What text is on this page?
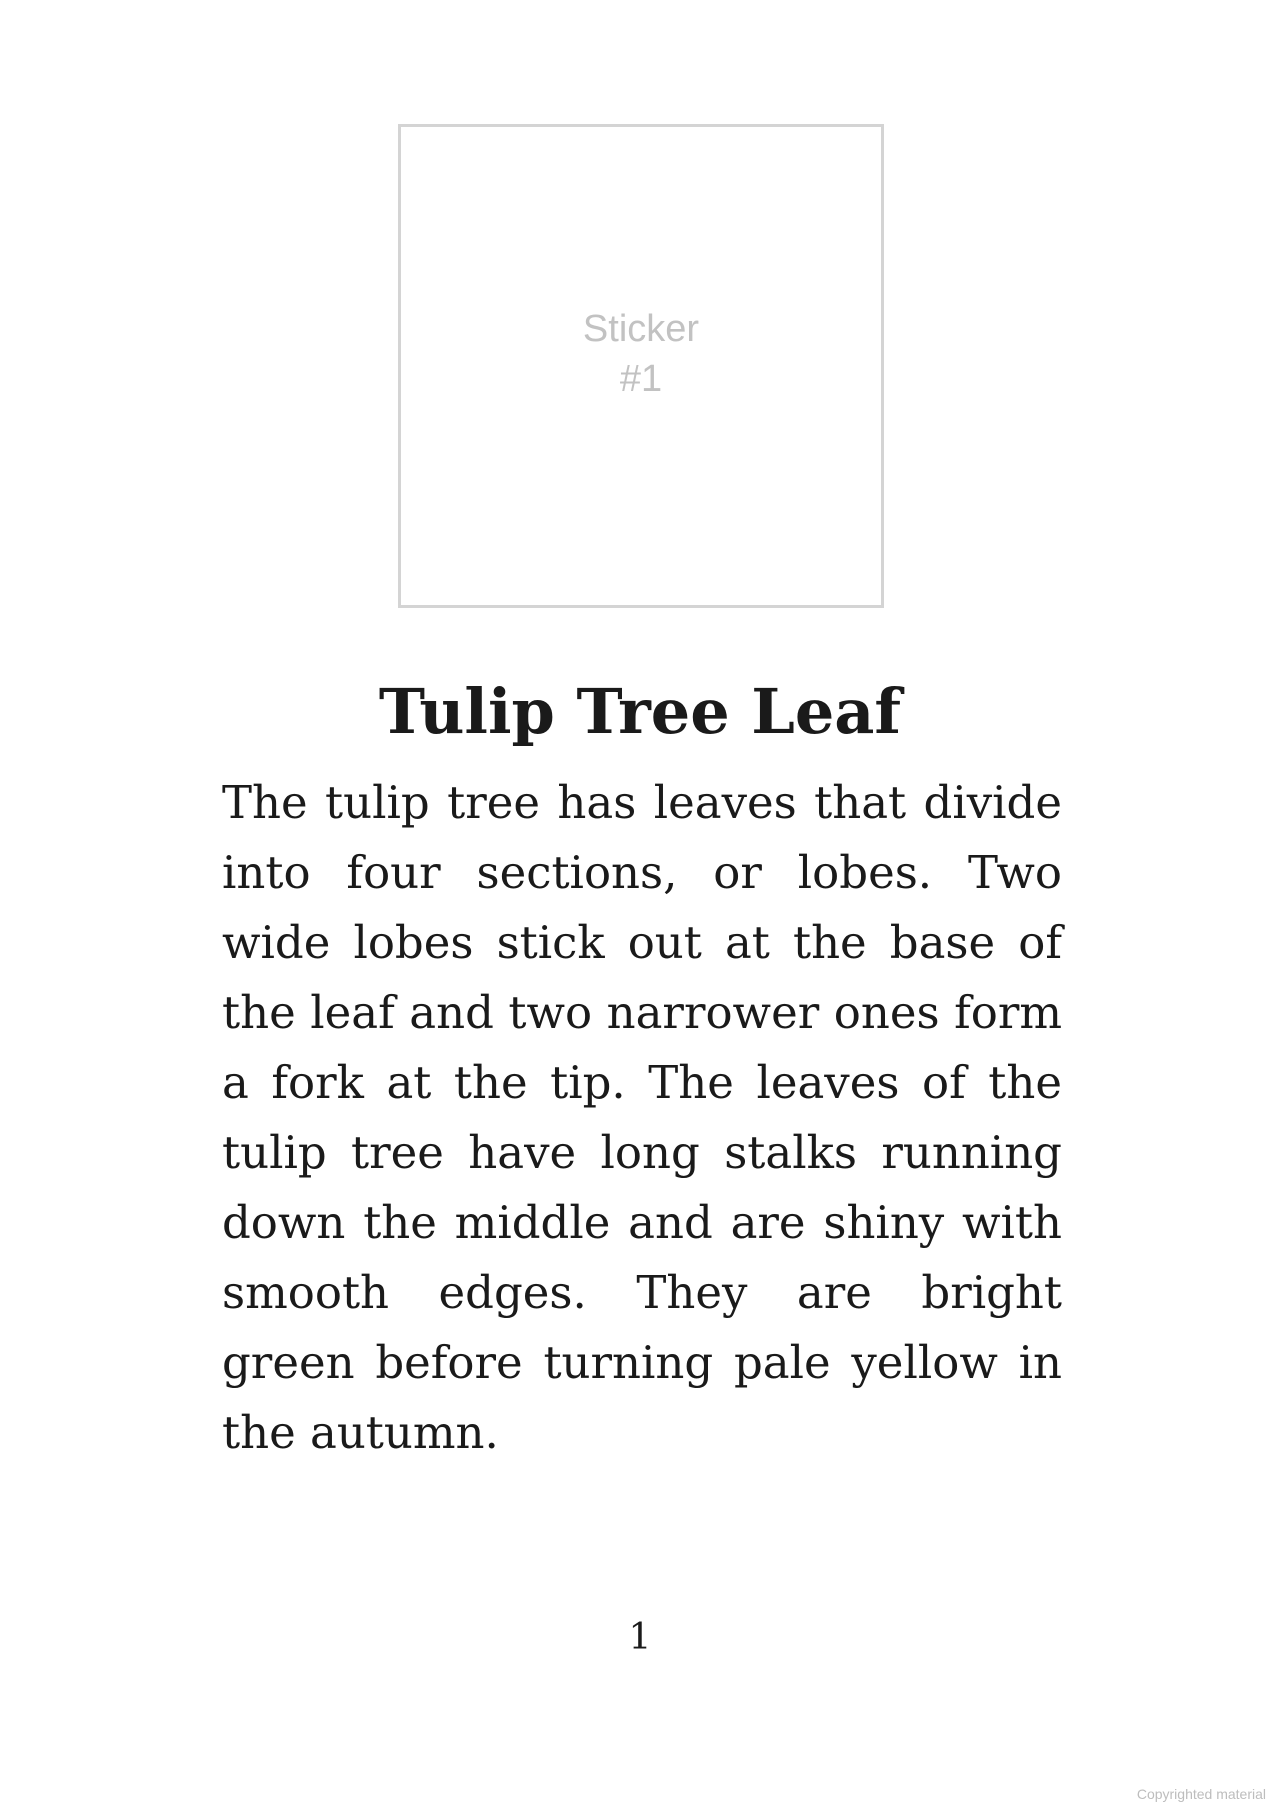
Sticker
#1
Tulip Tree Leaf

The tulip tree has leaves that divide into four sections, or lobes. Two wide lobes stick out at the base of the leaf and two narrower ones form a fork at the tip. The leaves of the tulip tree have long stalks running down the middle and are shiny with smooth edges. They are bright green before turning pale yellow in the autumn.

1
Copyrighted material
